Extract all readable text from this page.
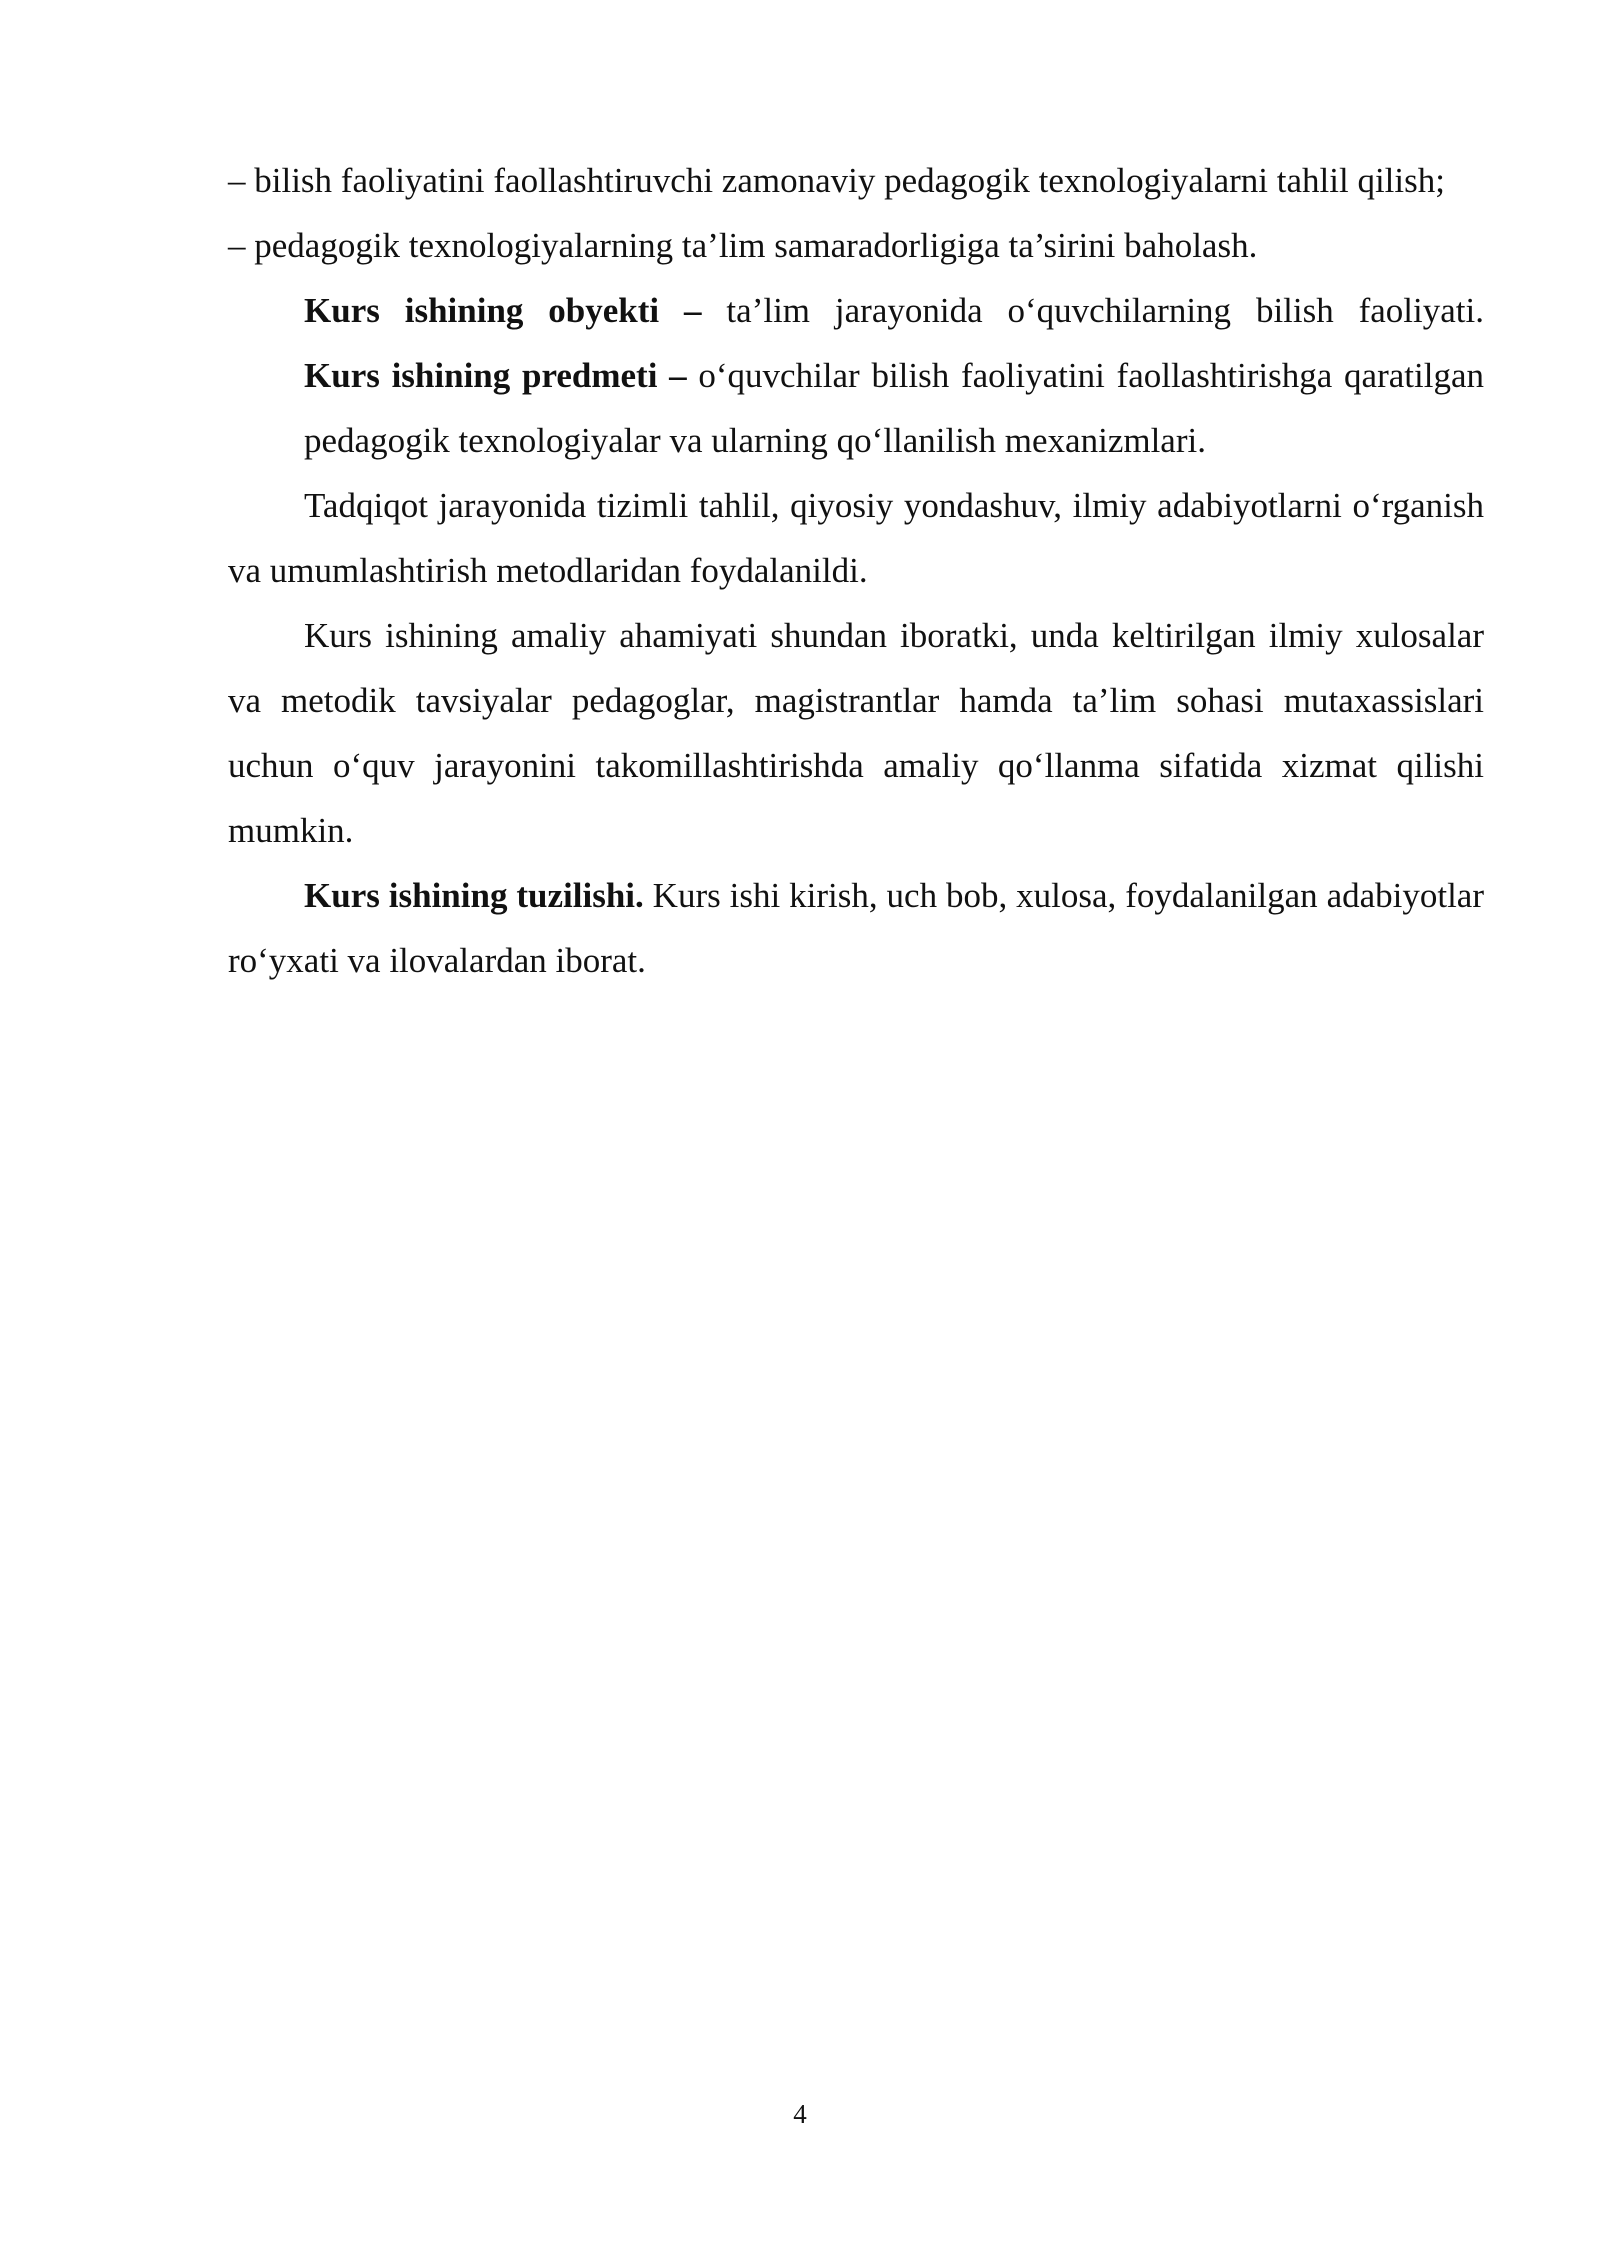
– bilish faoliyatini faollashtiruvchi zamonaviy pedagogik texnologiyalarni tahlil qilish;

– pedagogik texnologiyalarning ta’lim samaradorligiga ta’sirini baholash.

Kurs ishining obyekti – ta’lim jarayonida o‘quvchilarning bilish faoliyati.

Kurs ishining predmeti – o‘quvchilar bilish faoliyatini faollashtirishga qaratilgan pedagogik texnologiyalar va ularning qo‘llanilish mexanizmlari.

Tadqiqot jarayonida tizimli tahlil, qiyosiy yondashuv, ilmiy adabiyotlarni o‘rganish va umumlashtirish metodlaridan foydalanildi.

Kurs ishining amaliy ahamiyati shundan iboratki, unda keltirilgan ilmiy xulosalar va metodik tavsiyalar pedagoglar, magistrantlar hamda ta’lim sohasi mutaxassislari uchun o‘quv jarayonini takomillashtirishda amaliy qo‘llanma sifatida xizmat qilishi mumkin.

Kurs ishining tuzilishi. Kurs ishi kirish, uch bob, xulosa, foydalanilgan adabiyotlar ro‘yxati va ilovalardan iborat.

4
